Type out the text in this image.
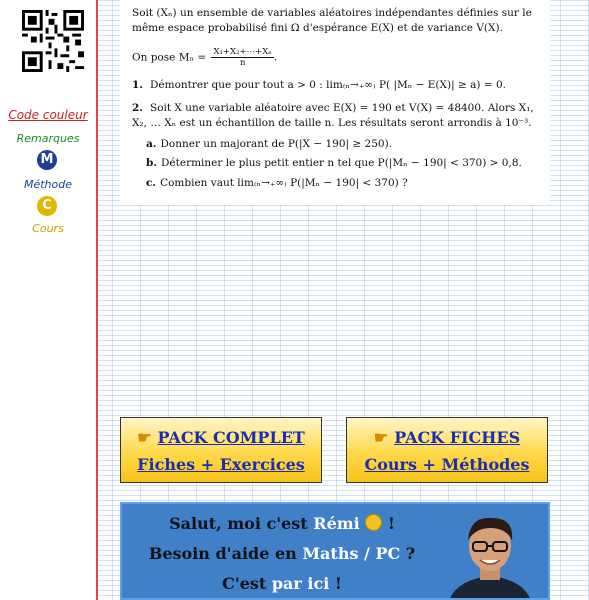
Code couleur
Remarques
M
Méthode
C
Cours

Soit (Xₙ) un ensemble de variables aléatoires indépendantes définies sur le même espace probabilisé fini Ω d'espérance E(X) et de variance V(X).

On pose $M_n = \frac{\text{X₁+X₂+⋯+Xₙ}}{n}$ .

1. Démontrer que pour tout a > 0 : lim₍ₙ→₊∞₎ P( |Mₙ − E(X)| ≥ a) = 0.

2. Soit X une variable aléatoire avec E(X) = 190 et V(X) = 48400. Alors X₁, X₂, … Xₙ est un échantillon de taille n. Les résultats seront arrondis à 10⁻³.

a. Donner un majorant de P(|X − 190| ≥ 250).

b. Déterminer le plus petit entier n tel que P(|Mₙ − 190| < 370) > 0,8.

c. Combien vaut lim₍ₙ→₊∞₎ P(|Mₙ − 190| < 370) ?

☛ PACK COMPLET
Fiches + Exercices
☛ PACK FICHES
Cours + Méthodes
Salut, moi c'est Rémi  !
Besoin d'aide en Maths / PC ?
C'est par ici !
